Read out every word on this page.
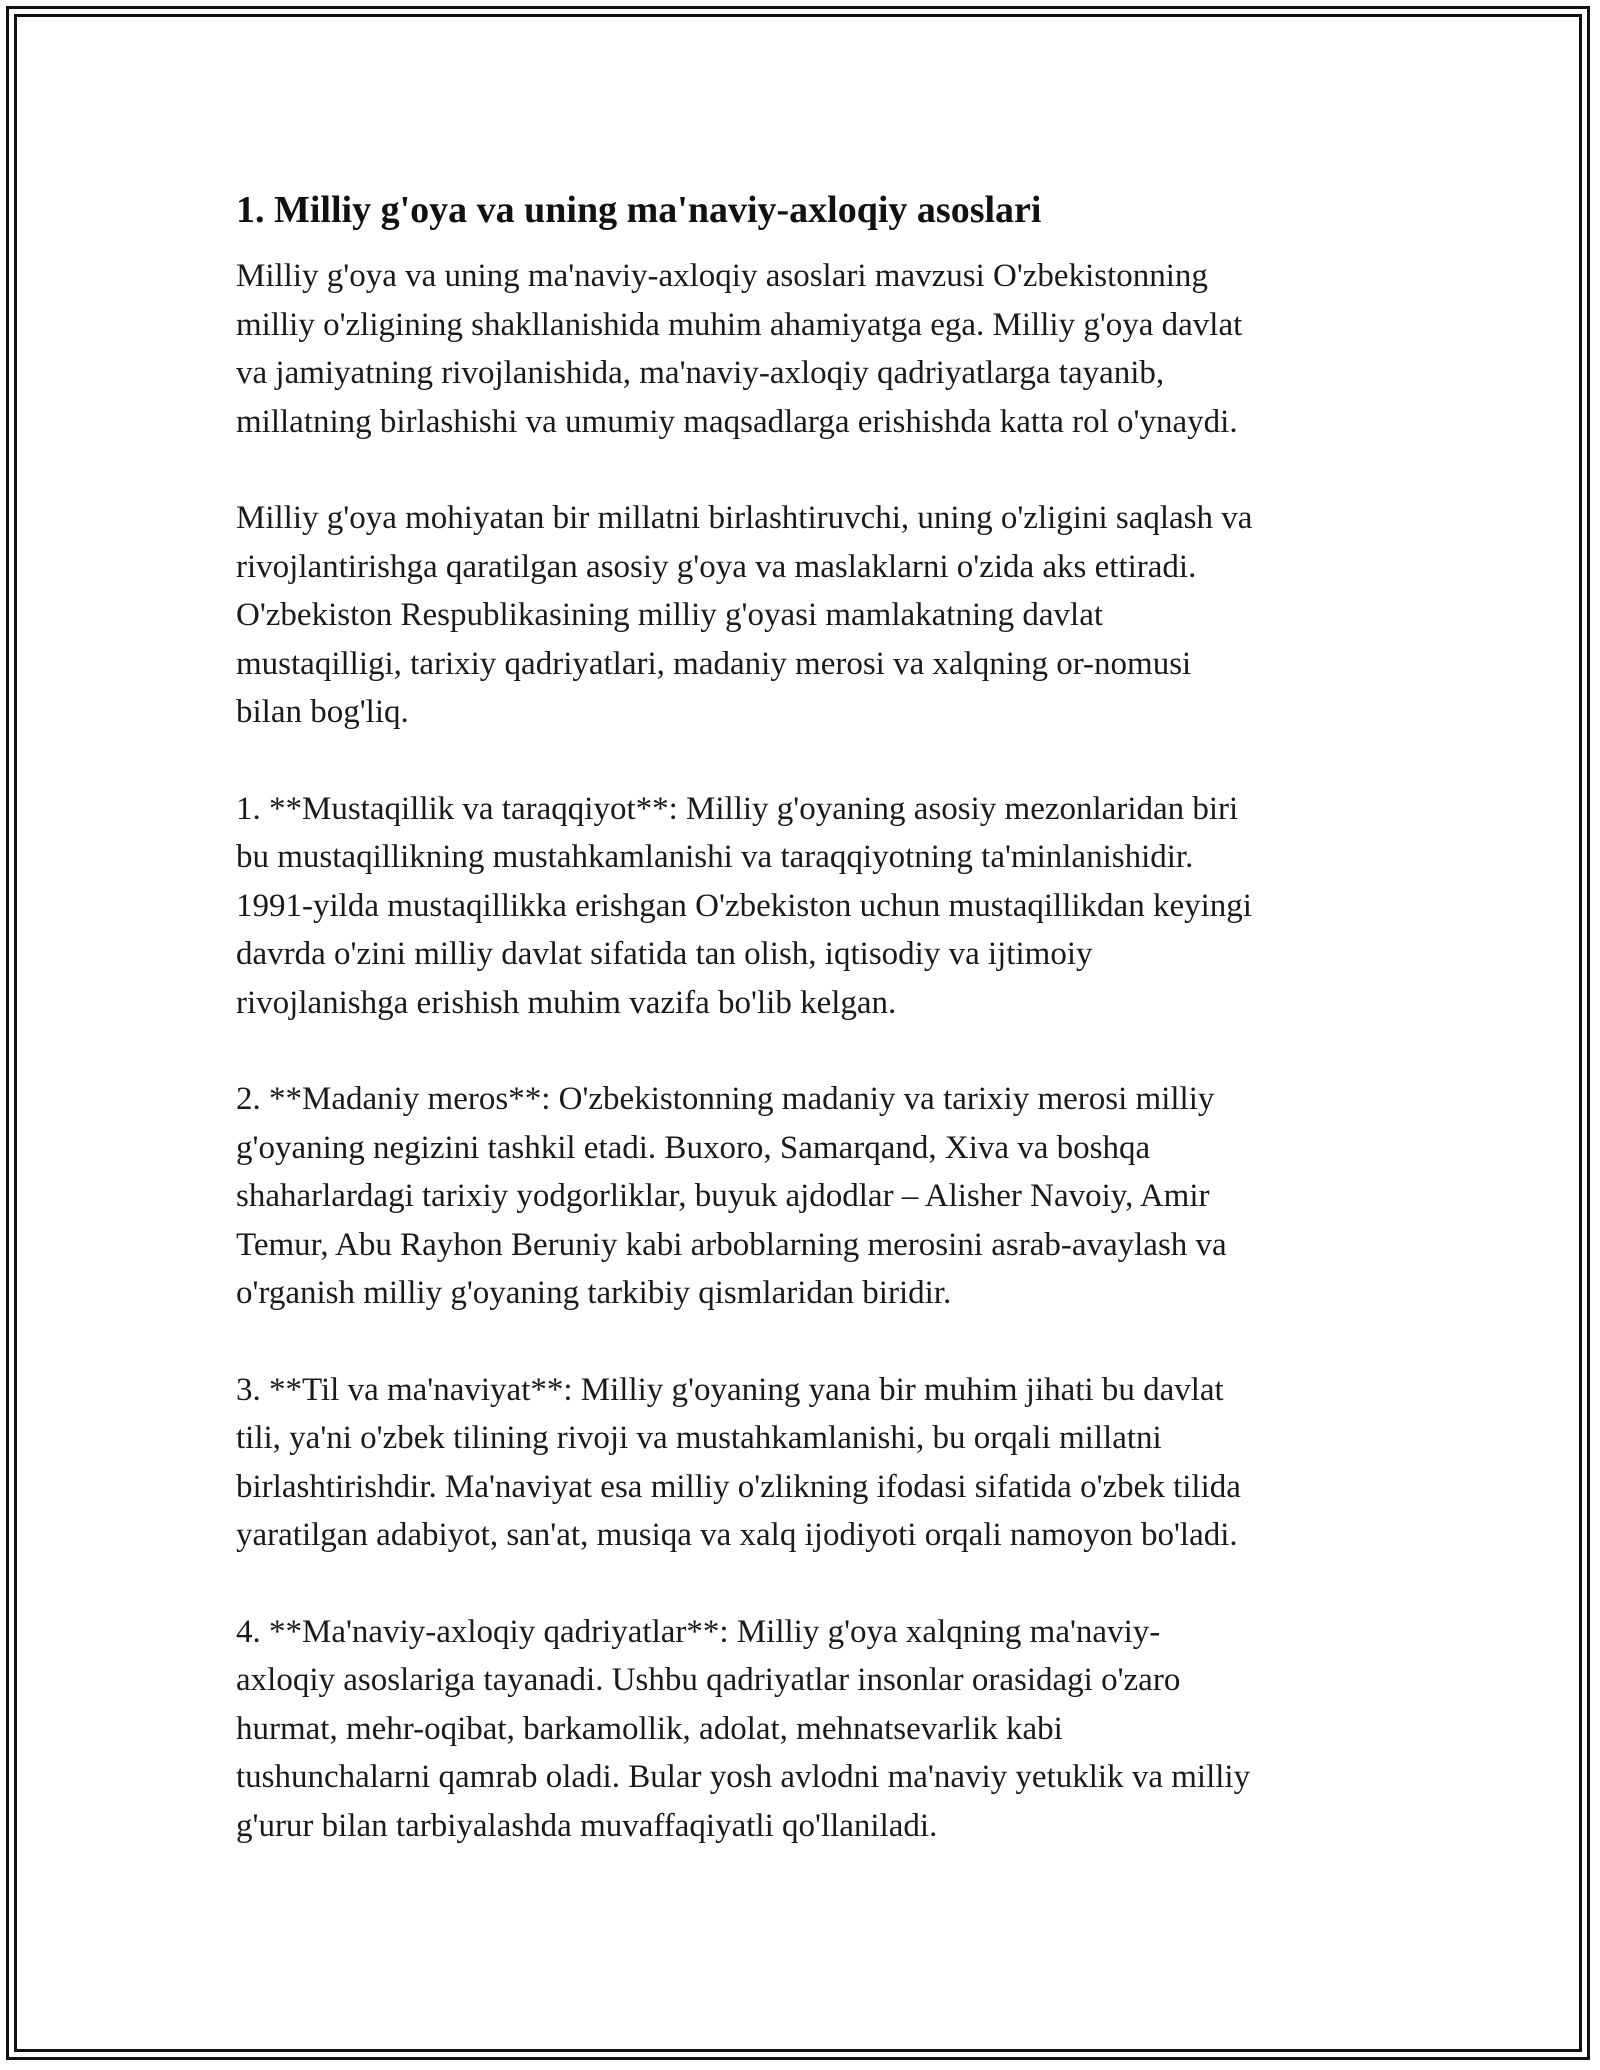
1. Milliy g'oya va uning ma'naviy-axloqiy asoslari
Milliy g'oya va uning ma'naviy-axloqiy asoslari mavzusi O'zbekistonning
milliy o'zligining shakllanishida muhim ahamiyatga ega. Milliy g'oya davlat
va jamiyatning rivojlanishida, ma'naviy-axloqiy qadriyatlarga tayanib,
millatning birlashishi va umumiy maqsadlarga erishishda katta rol o'ynaydi.
Milliy g'oya mohiyatan bir millatni birlashtiruvchi, uning o'zligini saqlash va
rivojlantirishga qaratilgan asosiy g'oya va maslaklarni o'zida aks ettiradi.
O'zbekiston Respublikasining milliy g'oyasi mamlakatning davlat
mustaqilligi, tarixiy qadriyatlari, madaniy merosi va xalqning or-nomusi
bilan bog'liq.
1. **Mustaqillik va taraqqiyot**: Milliy g'oyaning asosiy mezonlaridan biri
bu mustaqillikning mustahkamlanishi va taraqqiyotning ta'minlanishidir.
1991-yilda mustaqillikka erishgan O'zbekiston uchun mustaqillikdan keyingi
davrda o'zini milliy davlat sifatida tan olish, iqtisodiy va ijtimoiy
rivojlanishga erishish muhim vazifa bo'lib kelgan.
2. **Madaniy meros**: O'zbekistonning madaniy va tarixiy merosi milliy
g'oyaning negizini tashkil etadi. Buxoro, Samarqand, Xiva va boshqa
shaharlardagi tarixiy yodgorliklar, buyuk ajdodlar – Alisher Navoiy, Amir
Temur, Abu Rayhon Beruniy kabi arboblarning merosini asrab-avaylash va
o'rganish milliy g'oyaning tarkibiy qismlaridan biridir.
3. **Til va ma'naviyat**: Milliy g'oyaning yana bir muhim jihati bu davlat
tili, ya'ni o'zbek tilining rivoji va mustahkamlanishi, bu orqali millatni
birlashtirishdir. Ma'naviyat esa milliy o'zlikning ifodasi sifatida o'zbek tilida
yaratilgan adabiyot, san'at, musiqa va xalq ijodiyoti orqali namoyon bo'ladi.
4. **Ma'naviy-axloqiy qadriyatlar**: Milliy g'oya xalqning ma'naviy-
axloqiy asoslariga tayanadi. Ushbu qadriyatlar insonlar orasidagi o'zaro
hurmat, mehr-oqibat, barkamollik, adolat, mehnatsevarlik kabi
tushunchalarni qamrab oladi. Bular yosh avlodni ma'naviy yetuklik va milliy
g'urur bilan tarbiyalashda muvaffaqiyatli qo'llaniladi.
